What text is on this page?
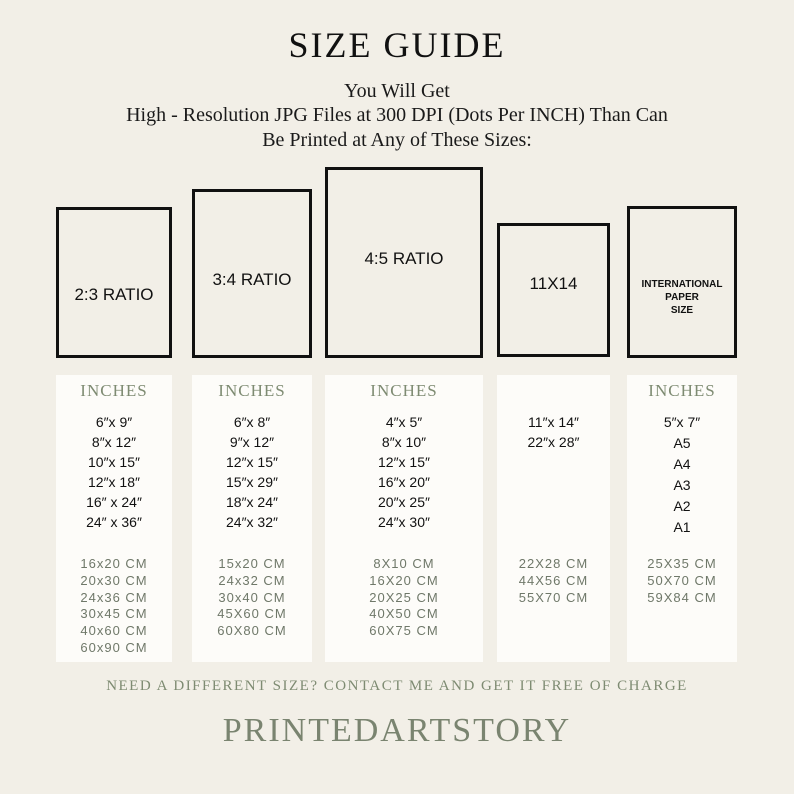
SIZE GUIDE
You Will Get
High - Resolution JPG Files at 300 DPI (Dots Per INCH) Than Can
Be Printed at Any of These Sizes:
2:3 RATIO
3:4 RATIO
4:5 RATIO
11X14	INTERNATIONAL
PAPER
SIZE
INCHES
6″x 9″
8″x 12″
10″x 15″
12″x 18″
16″ x 24″
24″ x 36″
16x20 CM
20x30 CM
24x36 CM
30x45 CM
40x60 CM
60x90 CM
INCHES
6″x 8″
9″x 12″
12″x 15″
15″x 29″
18″x 24″
24″x 32″
15x20 CM
24x32 CM
30x40 CM
45X60 CM
60X80 CM
INCHES
4″x 5″
8″x 10″
12″x 15″
16″x 20″
20″x 25″
24″x 30″
8X10 CM
16X20 CM
20X25 CM
40X50 CM
60X75 CM
11″x 14″
22″x 28″
22X28 CM
44X56 CM
55X70 CM
INCHES
5″x 7″
A5
A4
A3
A2
A1
25X35 CM
50X70 CM
59X84 CM
NEED A DIFFERENT SIZE? CONTACT ME AND GET IT FREE OF CHARGE
PRINTEDARTSTORY
